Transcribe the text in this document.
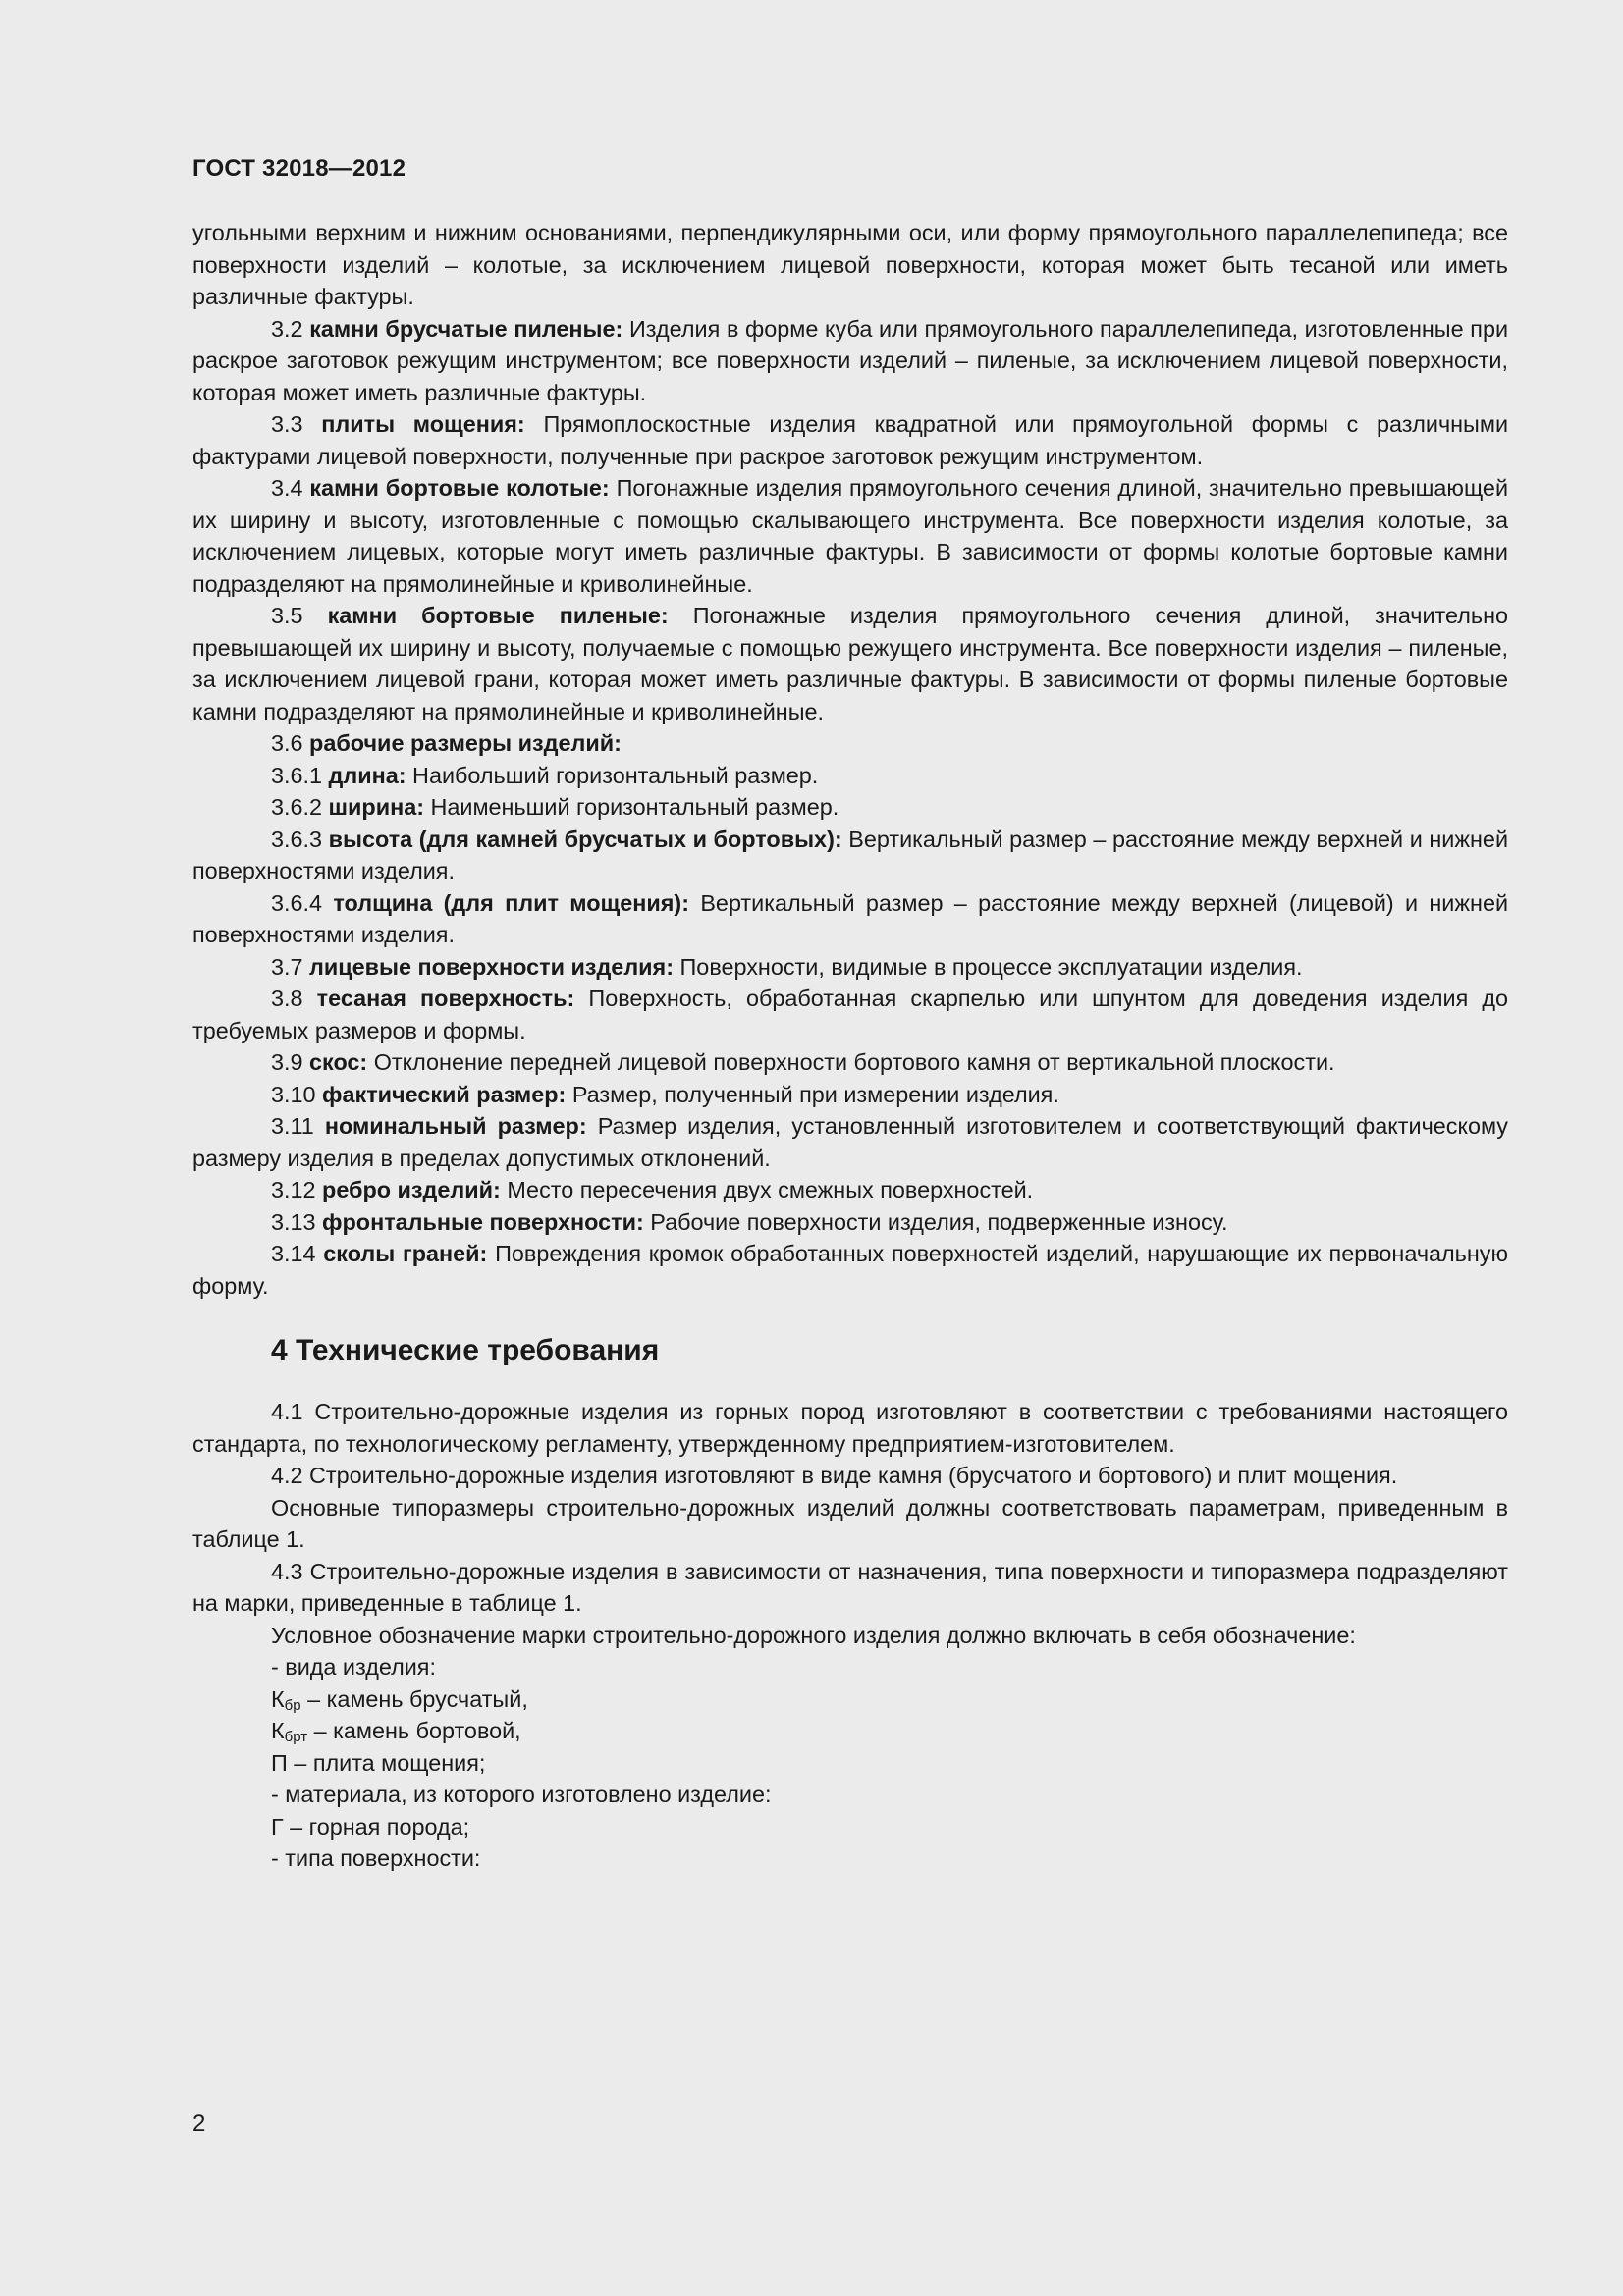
ГОСТ 32018—2012

угольными верхним и нижним основаниями, перпендикулярными оси, или форму прямоугольного параллелепипеда; все поверхности изделий – колотые, за исключением лицевой поверхности, которая может быть тесаной или иметь различные фактуры.

3.2 камни брусчатые пиленые: Изделия в форме куба или прямоугольного параллелепипеда, изготовленные при раскрое заготовок режущим инструментом; все поверхности изделий – пиленые, за исключением лицевой поверхности, которая может иметь различные фактуры.

3.3 плиты мощения: Прямоплоскостные изделия квадратной или прямоугольной формы с различными фактурами лицевой поверхности, полученные при раскрое заготовок режущим инструментом.

3.4 камни бортовые колотые: Погонажные изделия прямоугольного сечения длиной, значительно превышающей их ширину и высоту, изготовленные с помощью скалывающего инструмента. Все поверхности изделия колотые, за исключением лицевых, которые могут иметь различные фактуры. В зависимости от формы колотые бортовые камни подразделяют на прямолинейные и криволинейные.

3.5 камни бортовые пиленые: Погонажные изделия прямоугольного сечения длиной, значительно превышающей их ширину и высоту, получаемые с помощью режущего инструмента. Все поверхности изделия – пиленые, за исключением лицевой грани, которая может иметь различные фактуры. В зависимости от формы пиленые бортовые камни подразделяют на прямолинейные и криволинейные.

3.6 рабочие размеры изделий:

3.6.1 длина: Наибольший горизонтальный размер.

3.6.2 ширина: Наименьший горизонтальный размер.

3.6.3 высота (для камней брусчатых и бортовых): Вертикальный размер – расстояние между верхней и нижней поверхностями изделия.

3.6.4 толщина (для плит мощения): Вертикальный размер – расстояние между верхней (лицевой) и нижней поверхностями изделия.

3.7 лицевые поверхности изделия: Поверхности, видимые в процессе эксплуатации изделия.

3.8 тесаная поверхность: Поверхность, обработанная скарпелью или шпунтом для доведения изделия до требуемых размеров и формы.

3.9 скос: Отклонение передней лицевой поверхности бортового камня от вертикальной плоскости.

3.10 фактический размер: Размер, полученный при измерении изделия.

3.11 номинальный размер: Размер изделия, установленный изготовителем и соответствующий фактическому размеру изделия в пределах допустимых отклонений.

3.12 ребро изделий: Место пересечения двух смежных поверхностей.

3.13 фронтальные поверхности: Рабочие поверхности изделия, подверженные износу.

3.14 сколы граней: Повреждения кромок обработанных поверхностей изделий, нарушающие их первоначальную форму.

4 Технические требования

4.1 Строительно-дорожные изделия из горных пород изготовляют в соответствии с требованиями настоящего стандарта, по технологическому регламенту, утвержденному предприятием-изготовителем.

4.2 Строительно-дорожные изделия изготовляют в виде камня (брусчатого и бортового) и плит мощения.

Основные типоразмеры строительно-дорожных изделий должны соответствовать параметрам, приведенным в таблице 1.

4.3 Строительно-дорожные изделия в зависимости от назначения, типа поверхности и типоразмера подразделяют на марки, приведенные в таблице 1.

Условное обозначение марки строительно-дорожного изделия должно включать в себя обозначение:

- вида изделия:

$К_{бр}$ – камень брусчатый,

$К_{брт}$ – камень бортовой,

П – плита мощения;

- материала, из которого изготовлено изделие:

Г – горная порода;

- типа поверхности:

2
